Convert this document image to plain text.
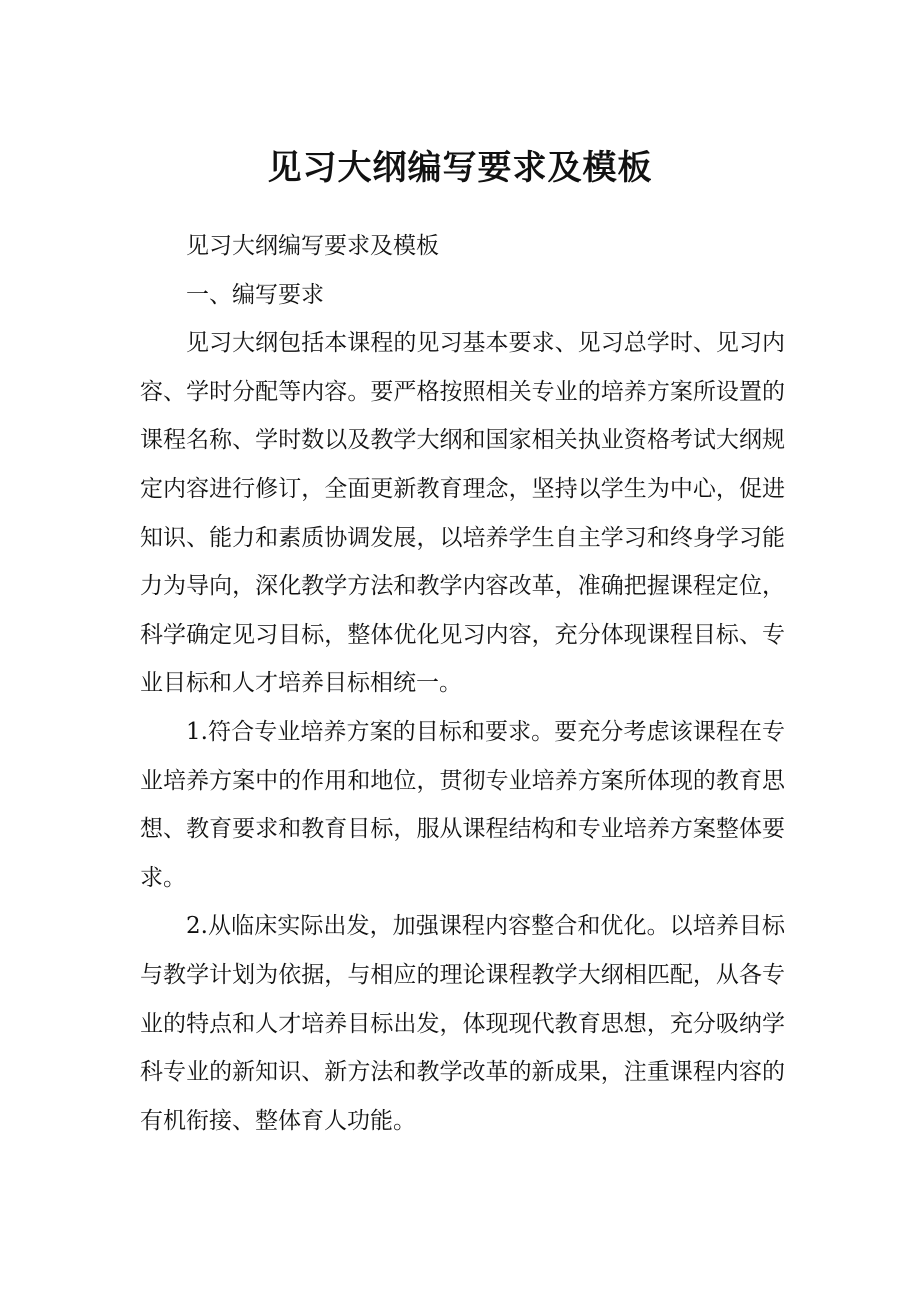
见习大纲编写要求及模板

见习大纲编写要求及模板

一、编写要求

见习大纲包括本课程的见习基本要求、见习总学时、见习内容、学时分配等内容。要严格按照相关专业的培养方案所设置的课程名称、学时数以及教学大纲和国家相关执业资格考试大纲规定内容进行修订，全面更新教育理念，坚持以学生为中心，促进知识、能力和素质协调发展，以培养学生自主学习和终身学习能力为导向，深化教学方法和教学内容改革，准确把握课程定位，科学确定见习目标，整体优化见习内容，充分体现课程目标、专业目标和人才培养目标相统一。

1.符合专业培养方案的目标和要求。要充分考虑该课程在专业培养方案中的作用和地位，贯彻专业培养方案所体现的教育思想、教育要求和教育目标，服从课程结构和专业培养方案整体要求。

2.从临床实际出发，加强课程内容整合和优化。以培养目标与教学计划为依据，与相应的理论课程教学大纲相匹配，从各专业的特点和人才培养目标出发，体现现代教育思想，充分吸纳学科专业的新知识、新方法和教学改革的新成果，注重课程内容的有机衔接、整体育人功能。
